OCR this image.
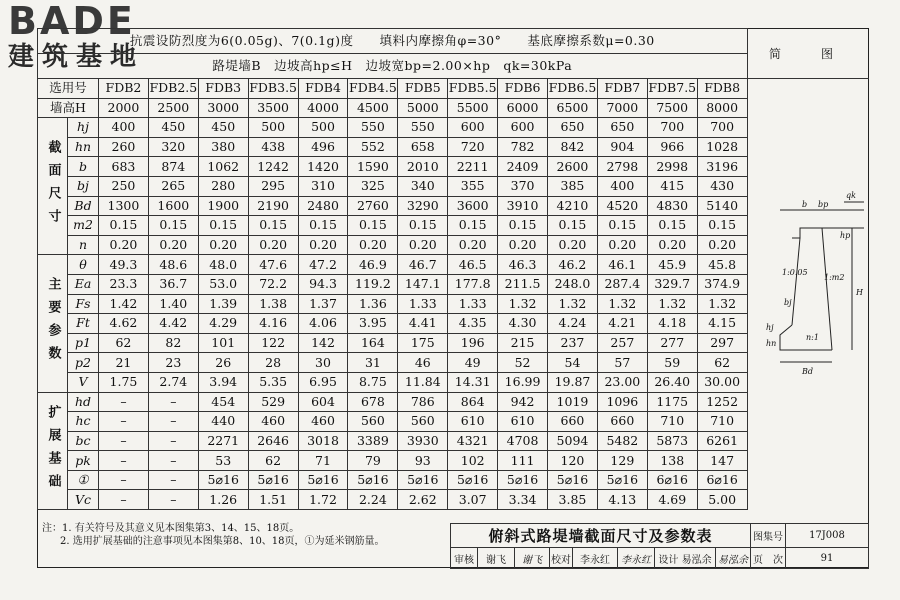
BADE
建筑基地
抗震设防烈度为6(0.05g)、7(0.1g)度　　填料内摩擦角φ=30°　　基底摩擦系数μ=0.30														
路堤墙B　边坡高hp≤H　边坡宽bp=2.00×hp　qk=30kPa														
选用号		FDB2	FDB2.5	FDB3	FDB3.5	FDB4	FDB4.5	FDB5	FDB5.5	FDB6	FDB6.5	FDB7	FDB7.5	FDB8
墙高H		2000	2500	3000	3500	4000	4500	5000	5500	6000	6500	7000	7500	8000
截面尺寸	hj	400	450	450	500	500	550	550	600	600	650	650	700	700
	hn	260	320	380	438	496	552	658	720	782	842	904	966	1028
	b	683	874	1062	1242	1420	1590	2010	2211	2409	2600	2798	2998	3196
	bj	250	265	280	295	310	325	340	355	370	385	400	415	430
	Bd	1300	1600	1900	2190	2480	2760	3290	3600	3910	4210	4520	4830	5140
	m2	0.15	0.15	0.15	0.15	0.15	0.15	0.15	0.15	0.15	0.15	0.15	0.15	0.15
	n	0.20	0.20	0.20	0.20	0.20	0.20	0.20	0.20	0.20	0.20	0.20	0.20	0.20
主要参数	θ	49.3	48.6	48.0	47.6	47.2	46.9	46.7	46.5	46.3	46.2	46.1	45.9	45.8
	Ea	23.3	36.7	53.0	72.2	94.3	119.2	147.1	177.8	211.5	248.0	287.4	329.7	374.9
	Fs	1.42	1.40	1.39	1.38	1.37	1.36	1.33	1.33	1.32	1.32	1.32	1.32	1.32
	Ft	4.62	4.42	4.29	4.16	4.06	3.95	4.41	4.35	4.30	4.24	4.21	4.18	4.15
	p1	62	82	101	122	142	164	175	196	215	237	257	277	297
	p2	21	23	26	28	30	31	46	49	52	54	57	59	62
	V	1.75	2.74	3.94	5.35	6.95	8.75	11.84	14.31	16.99	19.87	23.00	26.40	30.00
扩展基础	hd	–	–	454	529	604	678	786	864	942	1019	1096	1175	1252
	hc	–	–	440	460	460	560	560	610	610	660	660	710	710
	bc	–	–	2271	2646	3018	3389	3930	4321	4708	5094	5482	5873	6261
	pk	–	–	53	62	71	79	93	102	111	120	129	138	147
	①	–	–	5⌀16	5⌀16	5⌀16	5⌀16	5⌀16	5⌀16	5⌀16	5⌀16	5⌀16	6⌀16	6⌀16
	Vc	–	–	1.26	1.51	1.72	2.24	2.62	3.07	3.34	3.85	4.13	4.69	5.00
简　图
b bp
qk
hp
1:0.05
1:m2
H
bj
hj
hn
n:1
Bd
注：1. 有关符号及其意义见本图集第3、14、15、18页。
2. 选用扩展基础的注意事项见本图集第8、10、18页，①为延米钢筋量。	俯斜式路堤墙截面尺寸及参数表								图集号	17J008
审核	谢飞	谢飞	校对	李永红	李永红	设计 易泓余	易泓余	页　次	91
